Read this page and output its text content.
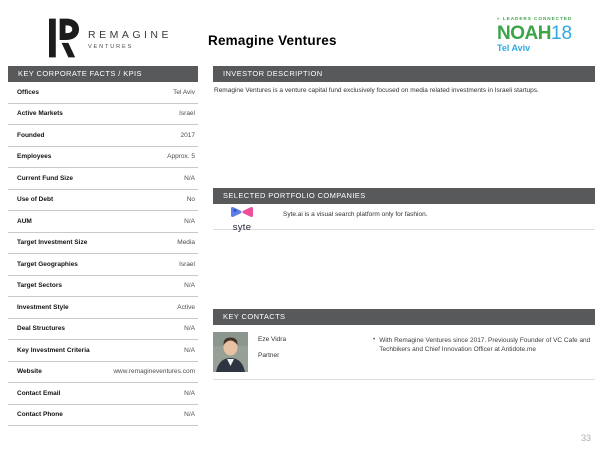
REMAGINE
VENTURES	Remagine Ventures
» LEADERS CONNECTED
NOAH18
Tel Aviv
KEY CORPORATE FACTS / KPIS
Offices	Tel Aviv
Active Markets	Israel
Founded	2017
Employees	Approx. 5
Current Fund Size	N/A
Use of Debt	No
AUM	N/A
Target Investment Size	Media
Target Geographies	Israel
Target Sectors	N/A
Investment Style	Active
Deal Structures	N/A
Key Investment Criteria	N/A
Website	www.remagineventures.com
Contact Email	N/A
Contact Phone	N/A
INVESTOR DESCRIPTION

Remagine Ventures is a venture capital fund exclusively focused on media related investments in Israeli startups.

SELECTED PORTFOLIO COMPANIES
syte

Syte.ai is a visual search platform only for fashion.

KEY CONTACTS
Eze Vidra
Partner
• With Remagine Ventures since 2017. Previously Founder of VC Cafe and Techbikers and Chief Innovation Officer at Antidote.me
33
